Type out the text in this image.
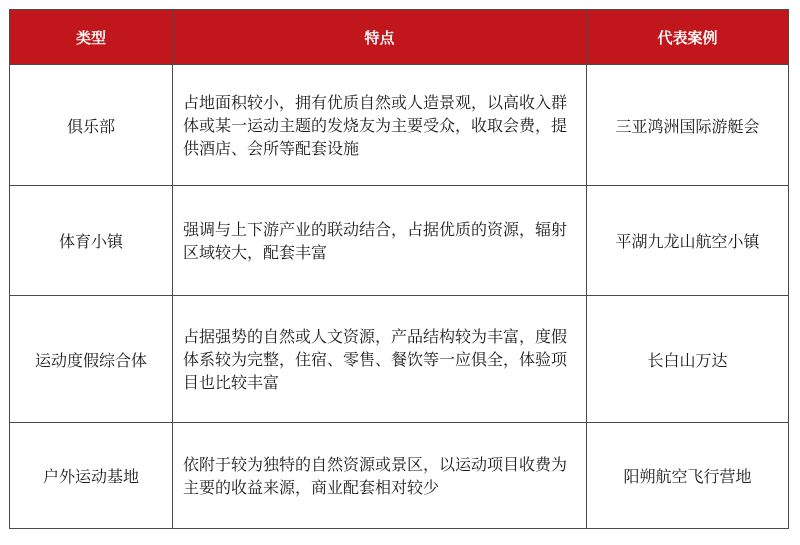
类型	特点	代表案例
俱乐部	占地面积较小，拥有优质自然或人造景观，以高收入群体或某一运动主题的发烧友为主要受众，收取会费，提供酒店、会所等配套设施	三亚鸿洲国际游艇会
体育小镇	强调与上下游产业的联动结合，占据优质的资源，辐射区域较大，配套丰富	平湖九龙山航空小镇
运动度假综合体	占据强势的自然或人文资源，产品结构较为丰富，度假体系较为完整，住宿、零售、餐饮等一应俱全，体验项目也比较丰富	长白山万达
户外运动基地	依附于较为独特的自然资源或景区，以运动项目收费为主要的收益来源，商业配套相对较少	阳朔航空飞行营地
